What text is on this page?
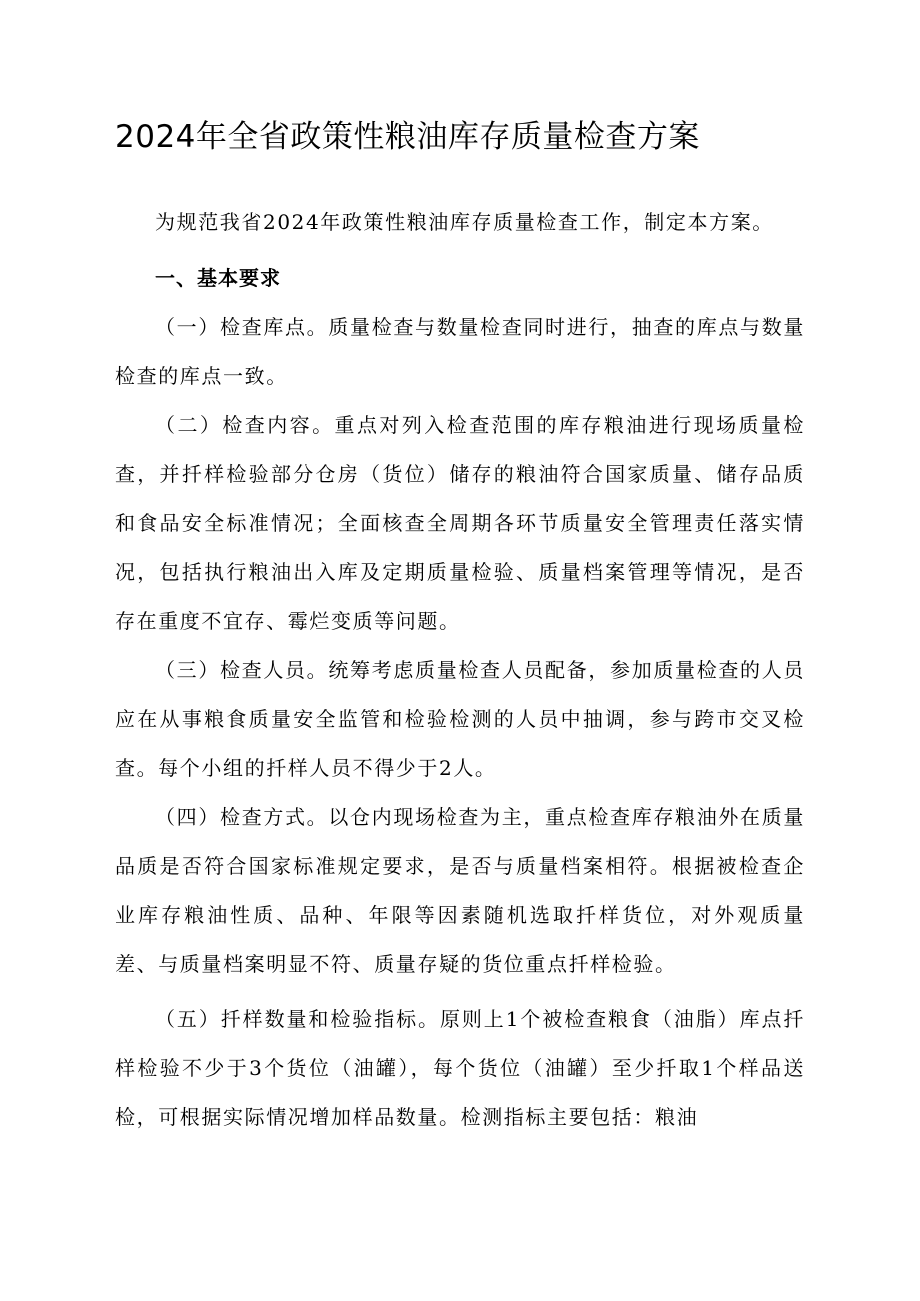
2024年全省政策性粮油库存质量检查方案

为规范我省2024年政策性粮油库存质量检查工作，制定本方案。

一、基本要求

（一）检查库点。质量检查与数量检查同时进行，抽查的库点与数量检查的库点一致。

（二）检查内容。重点对列入检查范围的库存粮油进行现场质量检查，并扦样检验部分仓房（货位）储存的粮油符合国家质量、储存品质和食品安全标准情况；全面核查全周期各环节质量安全管理责任落实情况，包括执行粮油出入库及定期质量检验、质量档案管理等情况，是否存在重度不宜存、霉烂变质等问题。

（三）检查人员。统筹考虑质量检查人员配备，参加质量检查的人员应在从事粮食质量安全监管和检验检测的人员中抽调，参与跨市交叉检查。每个小组的扦样人员不得少于2人。

（四）检查方式。以仓内现场检查为主，重点检查库存粮油外在质量品质是否符合国家标准规定要求，是否与质量档案相符。根据被检查企业库存粮油性质、品种、年限等因素随机选取扦样货位，对外观质量差、与质量档案明显不符、质量存疑的货位重点扦样检验。

（五）扦样数量和检验指标。原则上1个被检查粮食（油脂）库点扦样检验不少于3个货位（油罐），每个货位（油罐）至少扦取1个样品送检，可根据实际情况增加样品数量。检测指标主要包括：粮油
